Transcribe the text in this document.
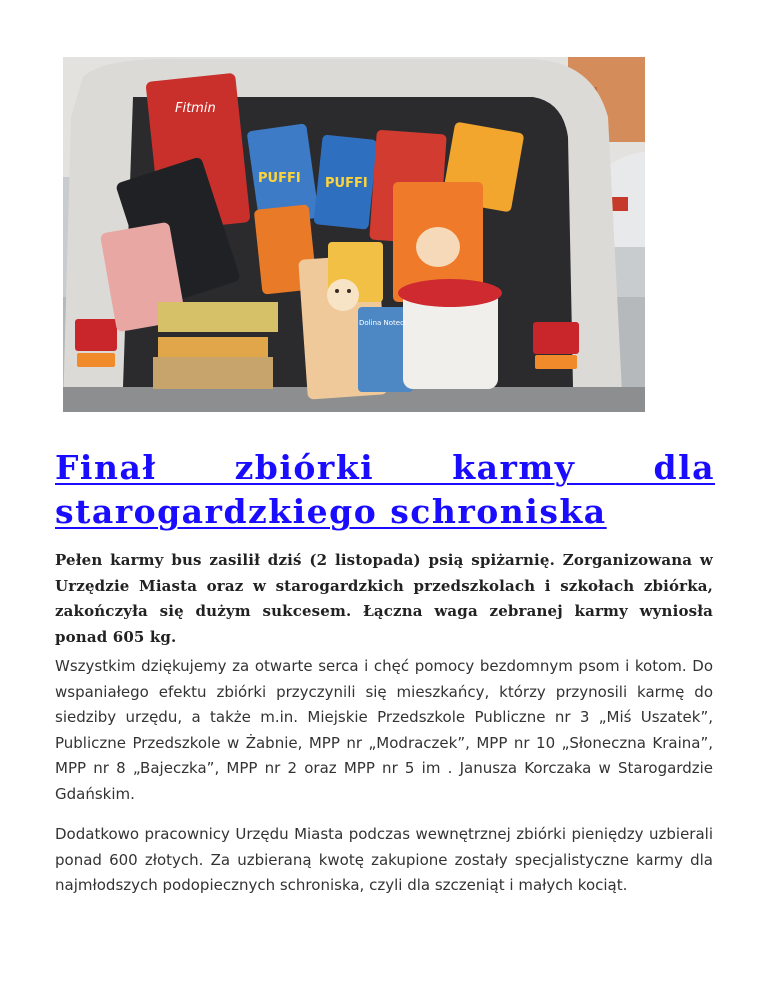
Fitmin
PUFFI PUFFI
Dolina Noteci
Finał zbiórki karmy dla starogardzkiego schroniska

Pełen karmy bus zasilił dziś (2 listopada) psią spiżarnię. Zorganizowana w Urzędzie Miasta oraz w starogardzkich przedszkolach i szkołach zbiórka, zakończyła się dużym sukcesem. Łączna waga zebranej karmy wyniosła ponad 605 kg.

Wszystkim dziękujemy za otwarte serca i chęć pomocy bezdomnym psom i kotom. Do wspaniałego efektu zbiórki przyczynili się mieszkańcy, którzy przynosili karmę do siedziby urzędu, a także m.in. Miejskie Przedszkole Publiczne nr 3 „Miś Uszatek”, Publiczne Przedszkole w Żabnie, MPP nr „Modraczek”, MPP nr 10 „Słoneczna Kraina”, MPP nr 8 „Bajeczka”, MPP nr 2 oraz MPP nr 5 im . Janusza Korczaka w Starogardzie Gdańskim.

Dodatkowo pracownicy Urzędu Miasta podczas wewnętrznej zbiórki pieniędzy uzbierali ponad 600 złotych. Za uzbieraną kwotę zakupione zostały specjalistyczne karmy dla najmłodszych podopiecznych schroniska, czyli dla szczeniąt i małych kociąt.
